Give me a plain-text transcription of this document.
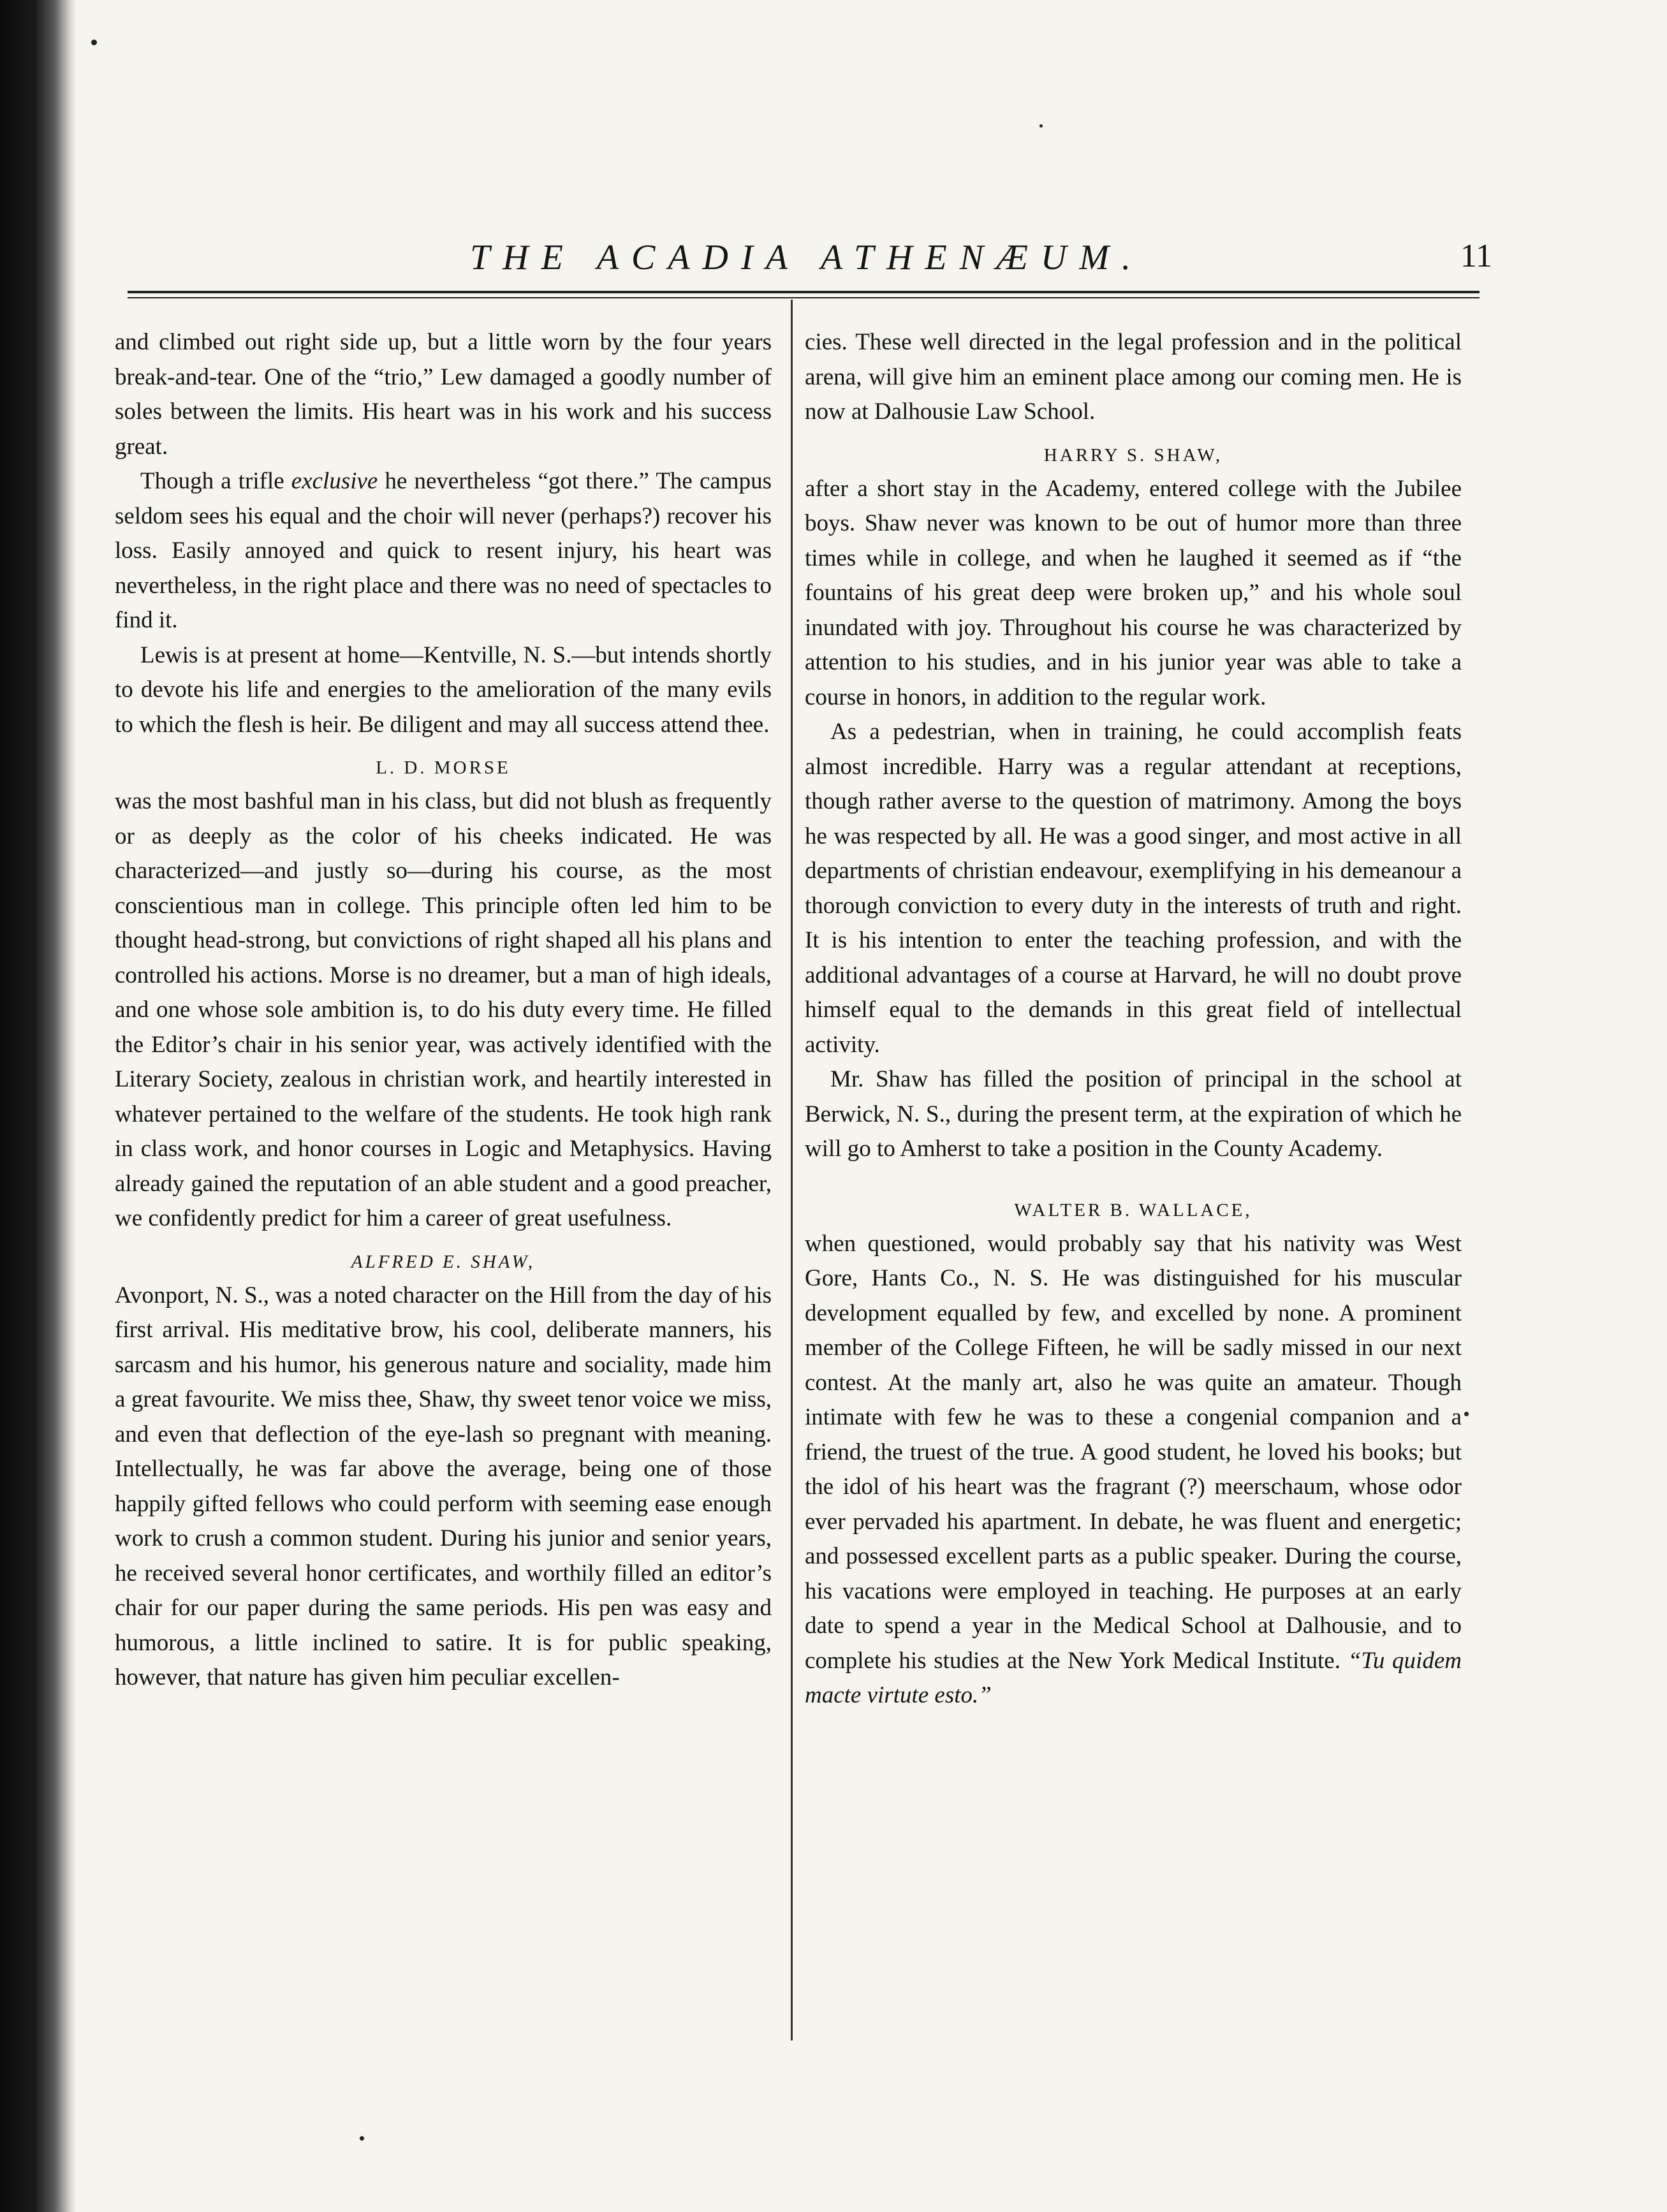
THE ACADIA ATHENÆUM.	11

and climbed out right side up, but a little worn by the four years break-and-tear. One of the “trio,” Lew damaged a goodly number of soles between the limits. His heart was in his work and his success great.

Though a trifle exclusive he nevertheless “got there.” The campus seldom sees his equal and the choir will never (perhaps?) recover his loss. Easily annoyed and quick to resent injury, his heart was nevertheless, in the right place and there was no need of spectacles to find it.

Lewis is at present at home—Kentville, N. S.—but intends shortly to devote his life and energies to the amelioration of the many evils to which the flesh is heir. Be diligent and may all success attend thee.

L. D. MORSE

was the most bashful man in his class, but did not blush as frequently or as deeply as the color of his cheeks indicated. He was characterized—and justly so—during his course, as the most conscientious man in college. This principle often led him to be thought head-strong, but convictions of right shaped all his plans and controlled his actions. Morse is no dreamer, but a man of high ideals, and one whose sole ambition is, to do his duty every time. He filled the Editor’s chair in his senior year, was actively identified with the Literary Society, zealous in christian work, and heartily interested in whatever pertained to the welfare of the students. He took high rank in class work, and honor courses in Logic and Metaphysics. Having already gained the reputation of an able student and a good preacher, we confidently predict for him a career of great usefulness.

ALFRED E. SHAW,

Avonport, N. S., was a noted character on the Hill from the day of his first arrival. His meditative brow, his cool, deliberate manners, his sarcasm and his humor, his generous nature and sociality, made him a great favourite. We miss thee, Shaw, thy sweet tenor voice we miss, and even that deflection of the eye-lash so pregnant with meaning. Intellectually, he was far above the average, being one of those happily gifted fellows who could perform with seeming ease enough work to crush a common student. During his junior and senior years, he received several honor certificates, and worthily filled an editor’s chair for our paper during the same periods. His pen was easy and humorous, a little inclined to satire. It is for public speaking, however, that nature has given him peculiar excellen-

cies. These well directed in the legal profession and in the political arena, will give him an eminent place among our coming men. He is now at Dalhousie Law School.

HARRY S. SHAW,

after a short stay in the Academy, entered college with the Jubilee boys. Shaw never was known to be out of humor more than three times while in college, and when he laughed it seemed as if “the fountains of his great deep were broken up,” and his whole soul inundated with joy. Throughout his course he was characterized by attention to his studies, and in his junior year was able to take a course in honors, in addition to the regular work.

As a pedestrian, when in training, he could accomplish feats almost incredible. Harry was a regular attendant at receptions, though rather averse to the question of matrimony. Among the boys he was respected by all. He was a good singer, and most active in all departments of christian endeavour, exemplifying in his demeanour a thorough conviction to every duty in the interests of truth and right. It is his intention to enter the teaching profession, and with the additional advantages of a course at Harvard, he will no doubt prove himself equal to the demands in this great field of intellectual activity.

Mr. Shaw has filled the position of principal in the school at Berwick, N. S., during the present term, at the expiration of which he will go to Amherst to take a position in the County Academy.

WALTER B. WALLACE,

when questioned, would probably say that his nativity was West Gore, Hants Co., N. S. He was distinguished for his muscular development equalled by few, and excelled by none. A prominent member of the College Fifteen, he will be sadly missed in our next contest. At the manly art, also he was quite an amateur. Though intimate with few he was to these a congenial companion and a friend, the truest of the true. A good student, he loved his books; but the idol of his heart was the fragrant (?) meerschaum, whose odor ever pervaded his apartment. In debate, he was fluent and energetic; and possessed excellent parts as a public speaker. During the course, his vacations were employed in teaching. He purposes at an early date to spend a year in the Medical School at Dalhousie, and to complete his studies at the New York Medical Institute. “Tu quidem macte virtute esto.”
